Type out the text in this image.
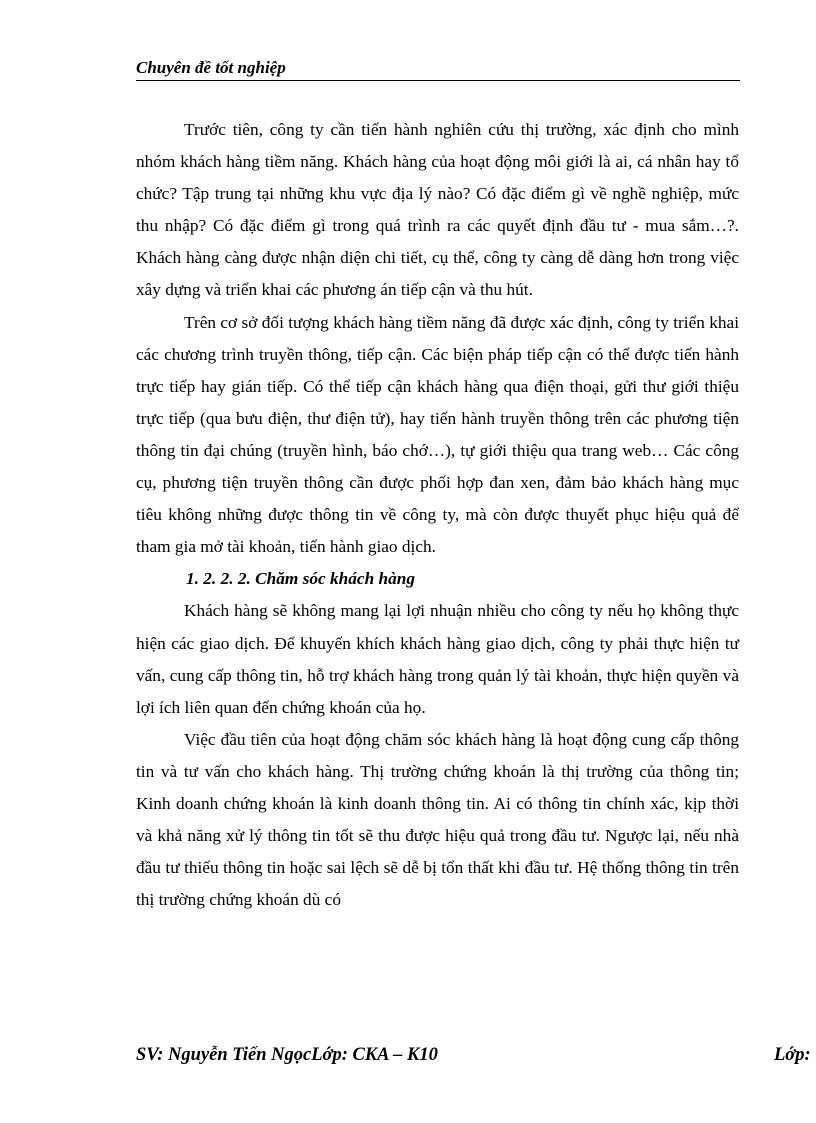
Chuyên đề tốt nghiệp

Trước tiên, công ty cần tiến hành nghiên cứu thị trường, xác định cho mình nhóm khách hàng tiềm năng. Khách hàng của hoạt động môi giới là ai, cá nhân hay tổ chức? Tập trung tại những khu vực địa lý nào? Có đặc điểm gì về nghề nghiệp, mức thu nhập? Có đặc điểm gì trong quá trình ra các quyết định đầu tư - mua sắm…?. Khách hàng càng được nhận diện chi tiết, cụ thể, công ty càng dễ dàng hơn trong việc xây dựng và triển khai các phương án tiếp cận và thu hút.

Trên cơ sở đối tượng khách hàng tiềm năng đã được xác định, công ty triển khai các chương trình truyền thông, tiếp cận. Các biện pháp tiếp cận có thể được tiến hành trực tiếp hay gián tiếp. Có thể tiếp cận khách hàng qua điện thoại, gửi thư giới thiệu trực tiếp (qua bưu điện, thư điện tử), hay tiến hành truyền thông trên các phương tiện thông tin đại chúng (truyền hình, báo chớ…), tự giới thiệu qua trang web… Các công cụ, phương tiện truyền thông cần được phối hợp đan xen, đảm bảo khách hàng mục tiêu không những được thông tin về công ty, mà còn được thuyết phục hiệu quả để tham gia mở tài khoản, tiến hành giao dịch.

1. 2. 2. 2. Chăm sóc khách hàng

Khách hàng sẽ không mang lại lợi nhuận nhiều cho công ty nếu họ không thực hiện các giao dịch. Để khuyến khích khách hàng giao dịch, công ty phải thực hiện tư vấn, cung cấp thông tin, hỗ trợ khách hàng trong quản lý tài khoản, thực hiện quyền và lợi ích liên quan đến chứng khoán của họ.

Việc đầu tiên của hoạt động chăm sóc khách hàng là hoạt động cung cấp thông tin và tư vấn cho khách hàng. Thị trường chứng khoán là thị trường của thông tin; Kinh doanh chứng khoán là kinh doanh thông tin. Ai có thông tin chính xác, kịp thời và khả năng xử lý thông tin tốt sẽ thu được hiệu quả trong đầu tư. Ngược lại, nếu nhà đầu tư thiếu thông tin hoặc sai lệch sẽ dễ bị tổn thất khi đầu tư. Hệ thống thông tin trên thị trường chứng khoán dù có

SV: Nguyễn Tiến NgọcLớp: CKA – K10	Lớp:
